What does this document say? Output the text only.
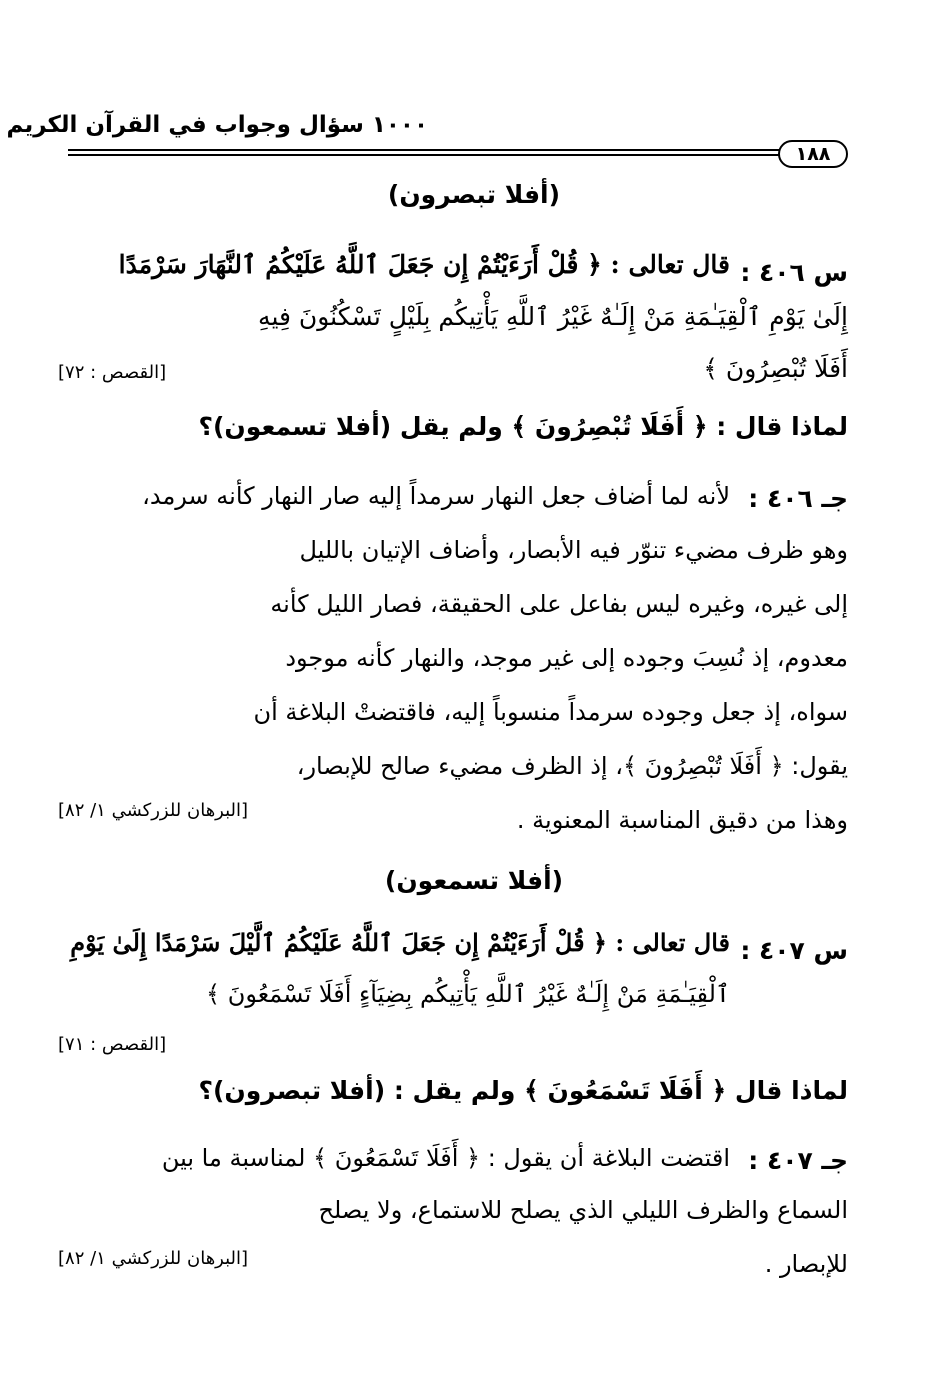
١٠٠٠ سؤال وجواب في القرآن الكريم
١٨٨
(أفلا تبصرون)
س ٤٠٦ :
قال تعالى : ﴿ قُلْ أَرَءَيْتُمْ إِن جَعَلَ ٱللَّهُ عَلَيْكُمُ ٱلنَّهَارَ سَرْمَدًا
إِلَىٰ يَوْمِ ٱلْقِيَـٰمَةِ مَنْ إِلَـٰهٌ غَيْرُ ٱللَّهِ يَأْتِيكُم بِلَيْلٍ تَسْكُنُونَ فِيهِ
أَفَلَا تُبْصِرُونَ ﴾
[القصص : ٧٢]
لماذا قال : ﴿ أَفَلَا تُبْصِرُونَ ﴾ ولم يقل (أفلا تسمعون)؟
جـ ٤٠٦ :
لأنه لما أضاف جعل النهار سرمداً إليه صار النهار كأنه سرمد،
وهو ظرف مضيء تنوّر فيه الأبصار، وأضاف الإتيان بالليل
إلى غيره، وغيره ليس بفاعل على الحقيقة، فصار الليل كأنه
معدوم، إذ نُسِبَ وجوده إلى غير موجد، والنهار كأنه موجود
سواه، إذ جعل وجوده سرمداً منسوباً إليه، فاقتضتْ البلاغة أن
يقول: ﴿ أَفَلَا تُبْصِرُونَ ﴾، إذ الظرف مضيء صالح للإبصار،
وهذا من دقيق المناسبة المعنوية .
[البرهان للزركشي ١/ ٨٢]
(أفلا تسمعون)
س ٤٠٧ :
قال تعالى : ﴿ قُلْ أَرَءَيْتُمْ إِن جَعَلَ ٱللَّهُ عَلَيْكُمُ ٱلَّيْلَ سَرْمَدًا إِلَىٰ يَوْمِ
ٱلْقِيَـٰمَةِ مَنْ إِلَـٰهٌ غَيْرُ ٱللَّهِ يَأْتِيكُم بِضِيَآءٍ أَفَلَا تَسْمَعُونَ ﴾
[القصص : ٧١]
لماذا قال ﴿ أَفَلَا تَسْمَعُونَ ﴾ ولم يقل : (أفلا تبصرون)؟
جـ ٤٠٧ :
اقتضت البلاغة أن يقول : ﴿ أَفَلَا تَسْمَعُونَ ﴾ لمناسبة ما بين
السماع والظرف الليلي الذي يصلح للاستماع، ولا يصلح
للإبصار .
[البرهان للزركشي ١/ ٨٢]
